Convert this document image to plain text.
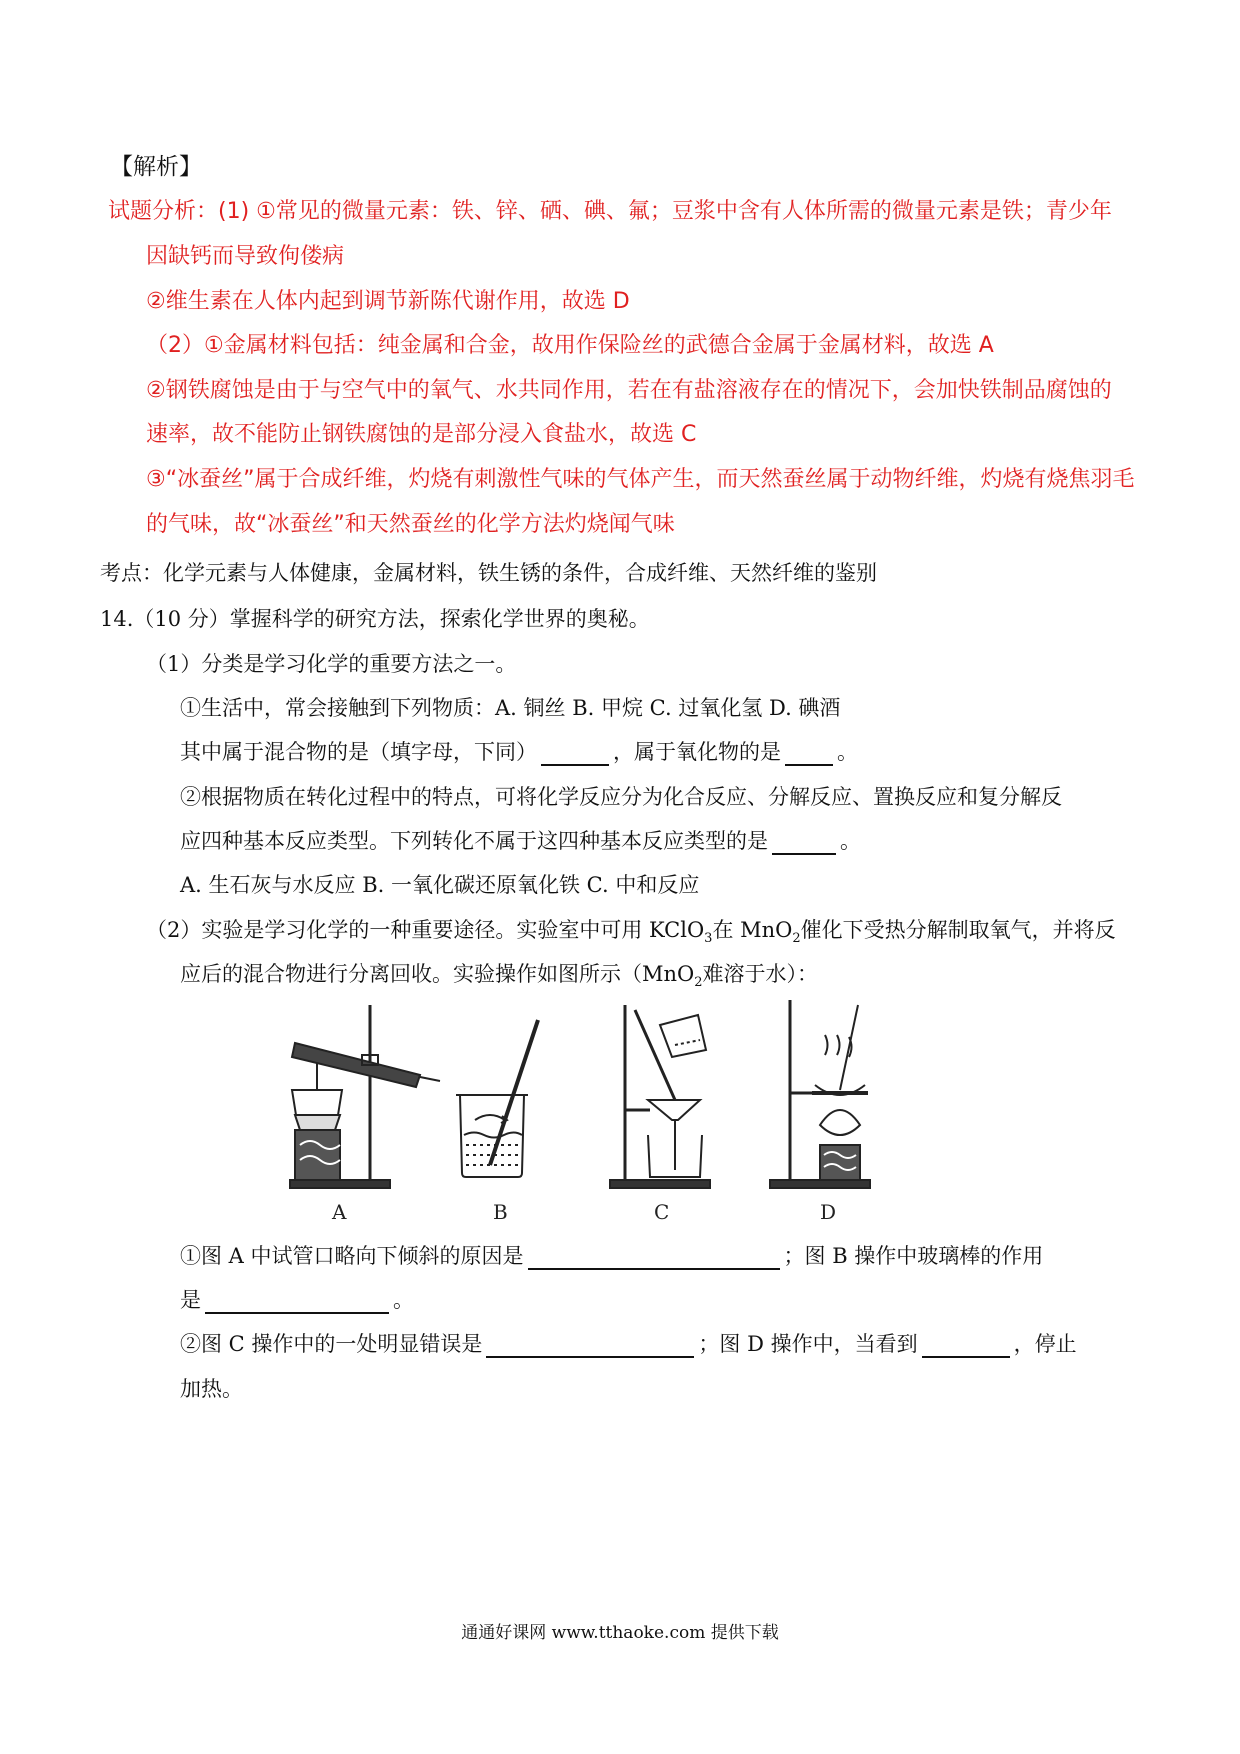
【解析】
试题分析：(1) ①常见的微量元素：铁、锌、硒、碘、氟；豆浆中含有人体所需的微量元素是铁；青少年
因缺钙而导致佝偻病
②维生素在人体内起到调节新陈代谢作用，故选 D
（2）①金属材料包括：纯金属和合金，故用作保险丝的武德合金属于金属材料，故选 A
②钢铁腐蚀是由于与空气中的氧气、水共同作用，若在有盐溶液存在的情况下，会加快铁制品腐蚀的
速率，故不能防止钢铁腐蚀的是部分浸入食盐水，故选 C
③“冰蚕丝”属于合成纤维，灼烧有刺激性气味的气体产生，而天然蚕丝属于动物纤维，灼烧有烧焦羽毛
的气味，故“冰蚕丝”和天然蚕丝的化学方法灼烧闻气味
考点：化学元素与人体健康，金属材料，铁生锈的条件，合成纤维、天然纤维的鉴别
14.（10 分）掌握科学的研究方法，探索化学世界的奥秘。
（1）分类是学习化学的重要方法之一。
①生活中，常会接触到下列物质：A. 铜丝 B. 甲烷 C. 过氧化氢 D. 碘酒
其中属于混合物的是（填字母，下同）	，属于氧化物的是	。
②根据物质在转化过程中的特点，可将化学反应分为化合反应、分解反应、置换反应和复分解反
应四种基本反应类型。下列转化不属于这四种基本反应类型的是	。
A. 生石灰与水反应 B. 一氧化碳还原氧化铁 C. 中和反应
（2）实验是学习化学的一种重要途径。实验室中可用 KClO$_3$在 MnO$_2$催化下受热分解制取氧气，并将反
应后的混合物进行分离回收。实验操作如图所示（MnO$_2$难溶于水）：
A	B	C	D
①图 A 中试管口略向下倾斜的原因是	；图 B 操作中玻璃棒的作用
是	。
②图 C 操作中的一处明显错误是	；图 D 操作中，当看到	，停止
加热。
通通好课网 www.tthaoke.com 提供下载
